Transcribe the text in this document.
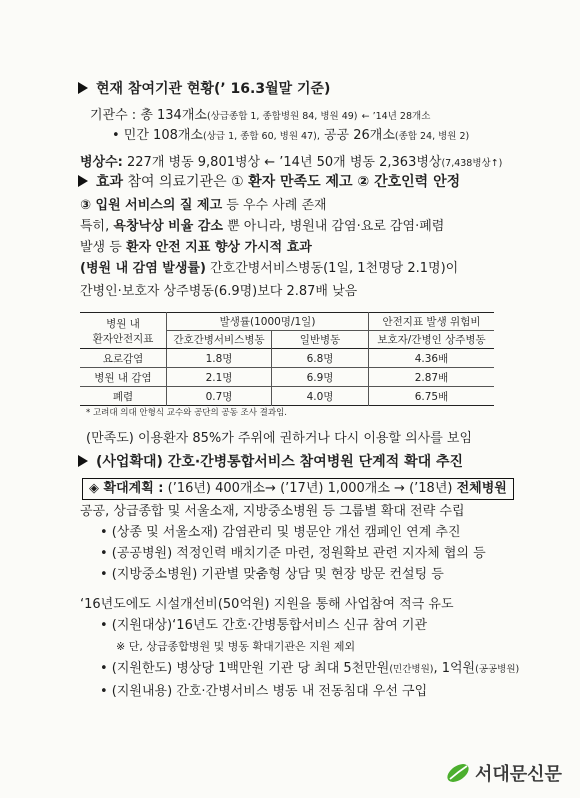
현재 참여기관 현황(’ 16.3월말 기준)
기관수 : 총 134개소(상급종합 1, 종합병원 84, 병원 49) ← ’14년 28개소
• 민간 108개소(상급 1, 종합 60, 병원 47), 공공 26개소(종합 24, 병원 2)
병상수: 227개 병동 9,801병상 ← ’14년 50개 병동 2,363병상(7,438병상↑)
효과 참여 의료기관은 ① 환자 만족도 제고 ② 간호인력 안정
③ 입원 서비스의 질 제고 등 우수 사례 존재
특히, 욕창낙상 비율 감소 뿐 아니라, 병원내 감염·요로 감염·폐렴
발생 등 환자 안전 지표 향상 가시적 효과
(병원 내 감염 발생률) 간호간병서비스병동(1일, 1천명당 2.1명)이
간병인·보호자 상주병동(6.9명)보다 2.87배 낮음
병원 내
환자안전지표	발생률(1000명/1일)		안전지표 발생 위험비
	간호간병서비스병동	일반병동	보호자/간병인 상주병동
요로감염	1.8명	6.8명	4.36배
병원 내 감염	2.1명	6.9명	2.87배
폐렴	0.7명	4.0명	6.75배
* 고려대 의대 안형식 교수와 공단의 공동 조사 결과임.
(만족도) 이용환자 85%가 주위에 권하거나 다시 이용할 의사를 보임
(사업확대) 간호·간병통합서비스 참여병원 단계적 확대 추진
◈ 확대계획 : (’16년) 400개소→ (’17년) 1,000개소 → (’18년) 전체병원
공공, 상급종합 및 서울소재, 지방중소병원 등 그룹별 확대 전략 수립
• (상종 및 서울소재) 감염관리 및 병문안 개선 캠페인 연계 추진
• (공공병원) 적정인력 배치기준 마련, 정원확보 관련 지자체 협의 등
• (지방중소병원) 기관별 맞춤형 상담 및 현장 방문 컨설팅 등
‘16년도에도 시설개선비(50억원) 지원을 통해 사업참여 적극 유도
• (지원대상)‘16년도 간호·간병통합서비스 신규 참여 기관
※ 단, 상급종합병원 및 병동 확대기관은 지원 제외
• (지원한도) 병상당 1백만원 기관 당 최대 5천만원(민간병원), 1억원(공공병원)
• (지원내용) 간호·간병서비스 병동 내 전동침대 우선 구입
서대문신문
